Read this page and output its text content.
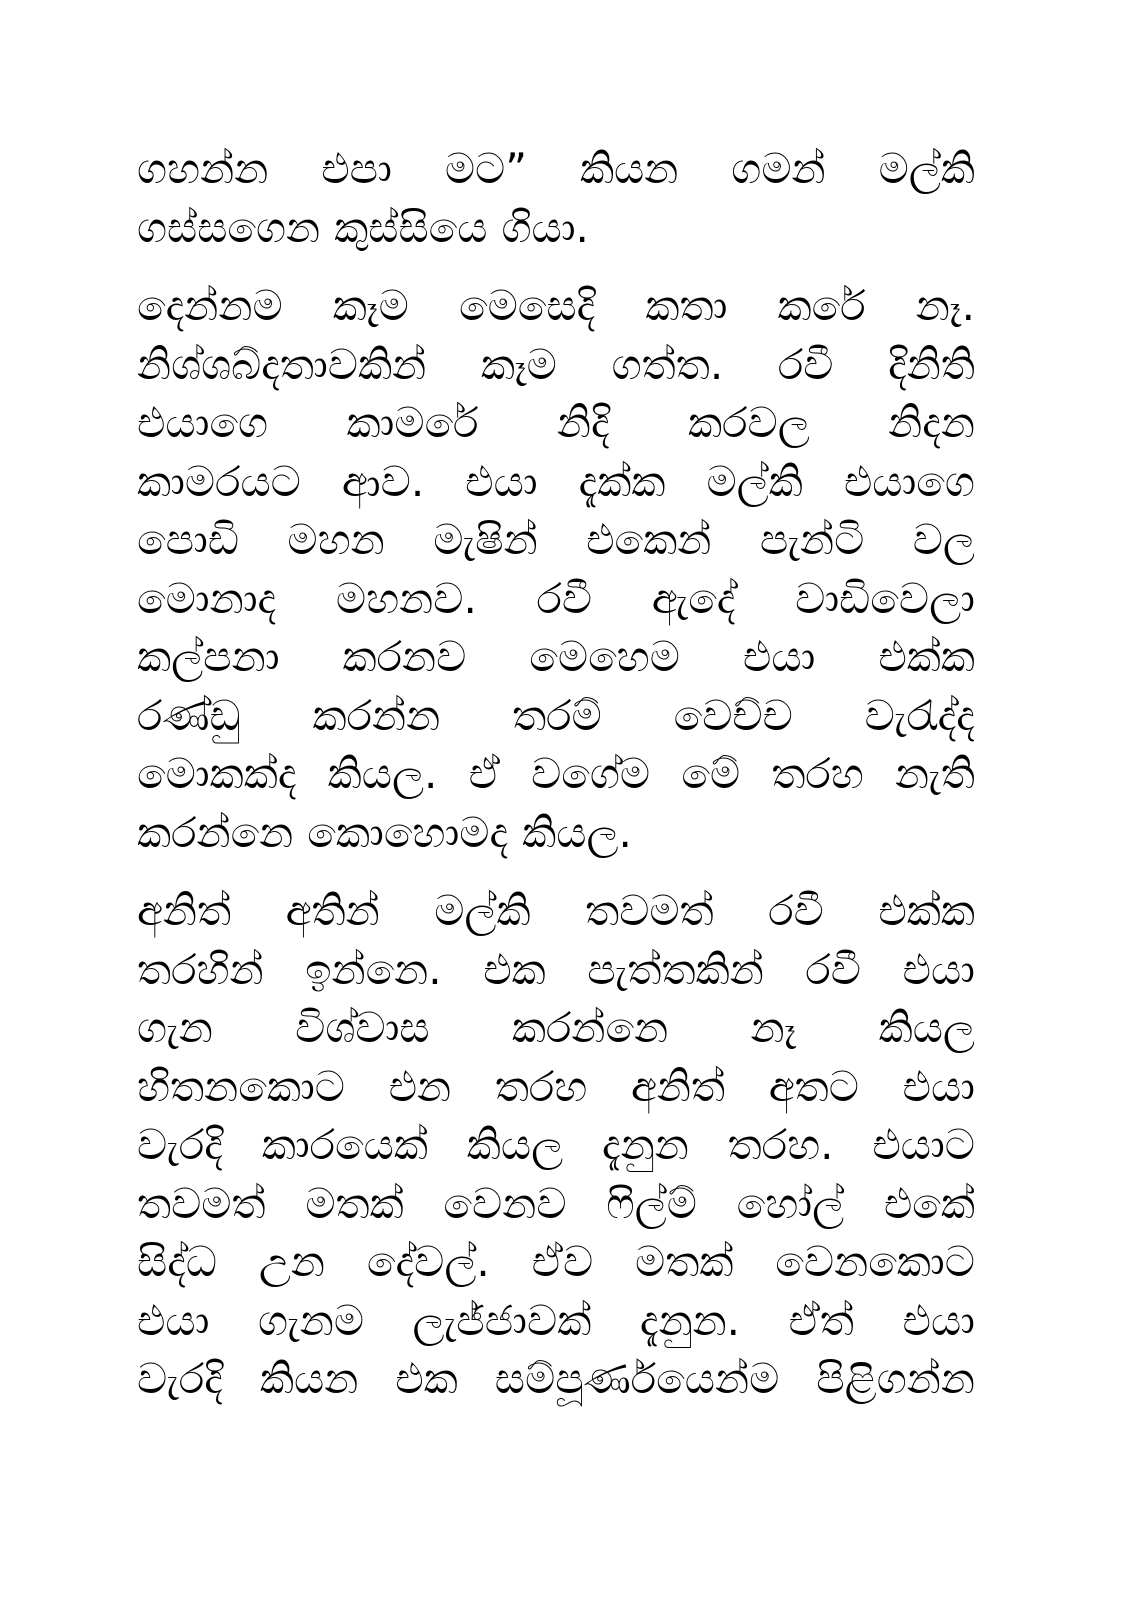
ගහන්න එපා මට” කියන ගමන් මල්කි
ගස්සගෙන කුස්සියෙ ගියා.
දෙන්නම කෑම මෙසෙදි කතා කරේ නෑ.
නිශ්ශබ්දතාවකින් කෑම ගත්ත. රවී දිනිති
එයාගෙ කාමරේ නිදි කරවල නිදන
කාමරයට ආව. එයා දැක්ක මල්කි එයාගෙ
පොඩි මහන මැෂින් එකෙන් පැන්ටි වල
මොනාද මහනව. රවී ඇදේ වාඩිවෙලා
කල්පනා කරනව මෙහෙම එයා එක්ක
රණ්ඩු කරන්න තරම් වෙච්ච වැරැද්ද
මොකක්ද කියල. ඒ වගේම මේ තරහ නැති
කරන්නෙ කොහොමද කියල.
අනිත් අතින් මල්කි තවමත් රවී එක්ක
තරහින් ඉන්නෙ. එක පැත්තකින් රවී එයා
ගැන විශ්වාස කරන්නෙ නෑ කියල
හිතනකොට එන තරහ අනිත් අතට එයා
වැරදි කාරයෙක් කියල දැනුන තරහ. එයාට
තවමත් මතක් වෙනව ෆිල්ම් හෝල් එකේ
සිද්ධ උන දේවල්. ඒව මතක් වෙනකොට
එයා ගැනම ලැජ්ජාවක් දැනුන. ඒත් එයා
වැරදි කියන එක සම්පූර්ණයෙන්ම පිළිගන්න
